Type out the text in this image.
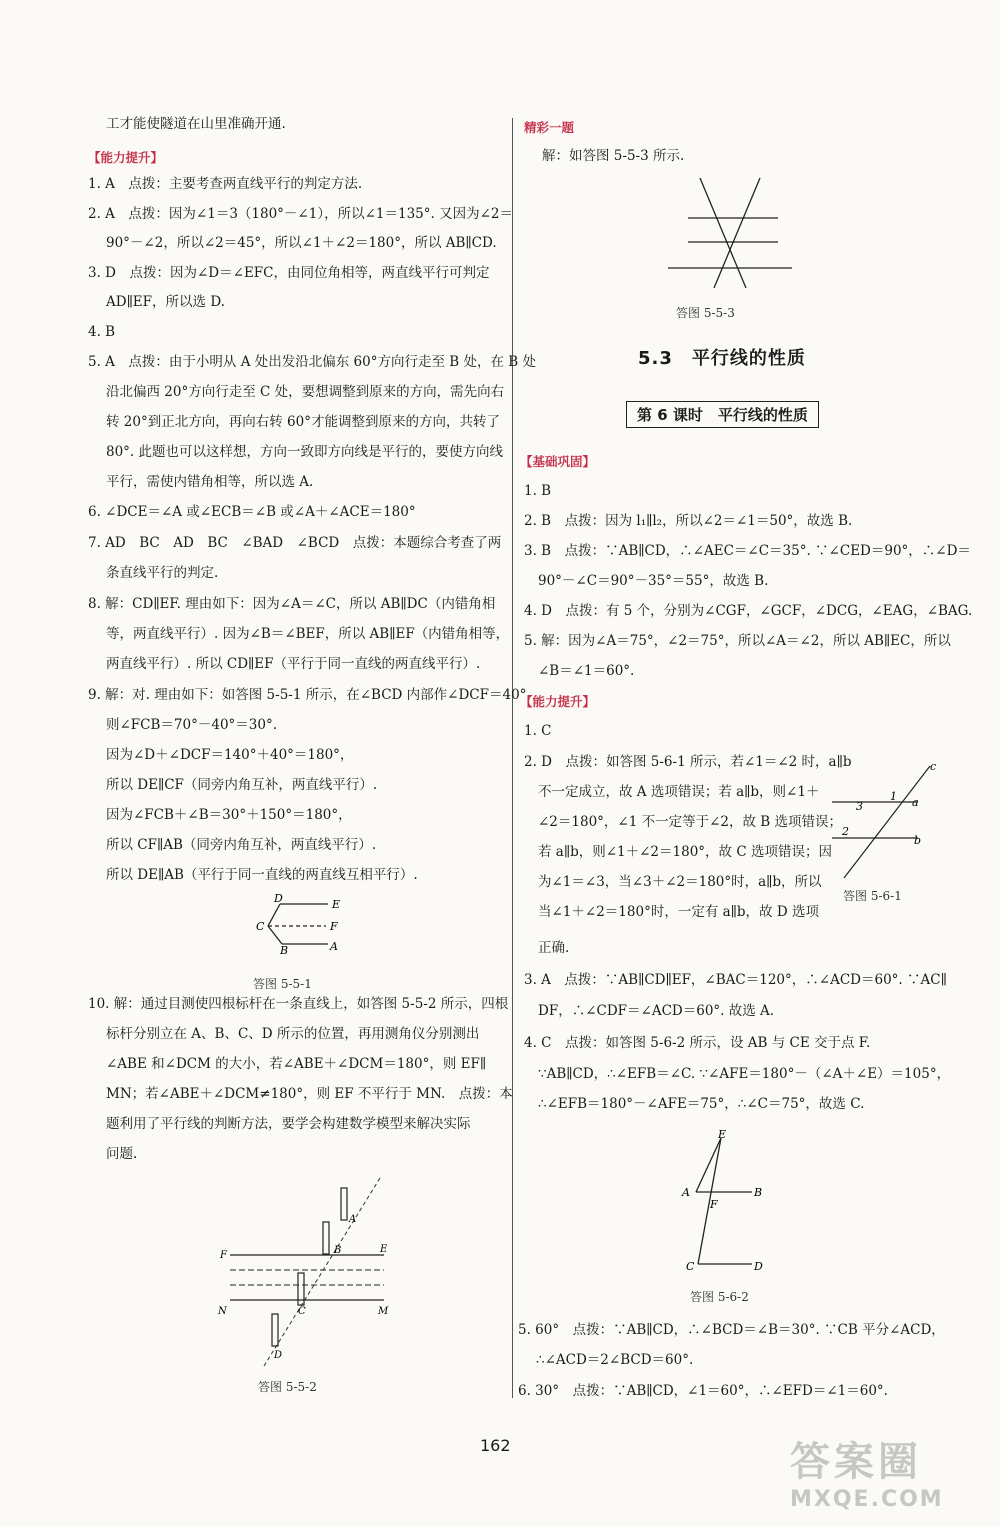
工才能使隧道在山里准确开通.
【能力提升】
1. A　点拨：主要考查两直线平行的判定方法.
2. A　点拨：因为∠1＝3（180°－∠1），所以∠1＝135°. 又因为∠2＝
90°－∠2，所以∠2＝45°，所以∠1＋∠2＝180°，所以 AB∥CD.
3. D　点拨：因为∠D＝∠EFC，由同位角相等，两直线平行可判定
AD∥EF，所以选 D.
4. B
5. A　点拨：由于小明从 A 处出发沿北偏东 60°方向行走至 B 处，在 B 处
沿北偏西 20°方向行走至 C 处，要想调整到原来的方向，需先向右
转 20°到正北方向，再向右转 60°才能调整到原来的方向，共转了
80°. 此题也可以这样想，方向一致即方向线是平行的，要使方向线
平行，需使内错角相等，所以选 A.
6. ∠DCE＝∠A 或∠ECB＝∠B 或∠A＋∠ACE＝180°
7. AD　BC　AD　BC　∠BAD　∠BCD　点拨：本题综合考查了两
条直线平行的判定.
8. 解：CD∥EF. 理由如下：因为∠A＝∠C，所以 AB∥DC（内错角相
等，两直线平行）. 因为∠B＝∠BEF，所以 AB∥EF（内错角相等，
两直线平行）. 所以 CD∥EF（平行于同一直线的两直线平行）.
9. 解：对. 理由如下：如答图 5-5-1 所示，在∠BCD 内部作∠DCF＝40°，
则∠FCB＝70°－40°＝30°.
因为∠D＋∠DCF＝140°＋40°＝180°，
所以 DE∥CF（同旁内角互补，两直线平行）.
因为∠FCB＋∠B＝30°＋150°＝180°，
所以 CF∥AB（同旁内角互补，两直线平行）.
所以 DE∥AB（平行于同一直线的两直线互相平行）.
答图 5-5-1
10. 解：通过目测使四根标杆在一条直线上，如答图 5-5-2 所示，四根
标杆分别立在 A、B、C、D 所示的位置，再用测角仪分别测出
∠ABE 和∠DCM 的大小，若∠ABE＋∠DCM＝180°，则 EF∥
MN；若∠ABE＋∠DCM≠180°，则 EF 不平行于 MN.　点拨：本
题利用了平行线的判断方法，要学会构建数学模型来解决实际
问题.
答图 5-5-2
D	E
C	F
B	A
A
B	E
F
C
N	M
D
精彩一题
解：如答图 5-5-3 所示.
答图 5-5-3
5.3　平行线的性质
第 6 课时　平行线的性质
【基础巩固】
1. B
2. B　点拨：因为 l₁∥l₂，所以∠2＝∠1＝50°，故选 B.
3. B　点拨：∵AB∥CD，∴∠AEC＝∠C＝35°. ∵∠CED＝90°，∴∠D＝
90°－∠C＝90°－35°＝55°，故选 B.
4. D　点拨：有 5 个，分别为∠CGF，∠GCF，∠DCG，∠EAG，∠BAG.
5. 解：因为∠A＝75°，∠2＝75°，所以∠A＝∠2，所以 AB∥EC，所以
∠B＝∠1＝60°.
【能力提升】
1. C
2. D　点拨：如答图 5-6-1 所示，若∠1＝∠2 时，a∥b
不一定成立，故 A 选项错误；若 a∥b，则∠1＋
∠2＝180°，∠1 不一定等于∠2，故 B 选项错误；
若 a∥b，则∠1＋∠2＝180°，故 C 选项错误；因
为∠1＝∠3，当∠3＋∠2＝180°时，a∥b，所以
当∠1＋∠2＝180°时，一定有 a∥b，故 D 选项
正确.
答图 5-6-1
3. A　点拨：∵AB∥CD∥EF，∠BAC＝120°，∴∠ACD＝60°. ∵AC∥
DF，∴∠CDF＝∠ACD＝60°. 故选 A.
4. C　点拨：如答图 5-6-2 所示，设 AB 与 CE 交于点 F.
∵AB∥CD，∴∠EFB＝∠C. ∵∠AFE＝180°－（∠A＋∠E）＝105°，
∴∠EFB＝180°－∠AFE＝75°，∴∠C＝75°，故选 C.
答图 5-6-2
5. 60°　点拨：∵AB∥CD，∴∠BCD＝∠B＝30°. ∵CB 平分∠ACD，
∴∠ACD＝2∠BCD＝60°.
6. 30°　点拨：∵AB∥CD，∠1＝60°，∴∠EFD＝∠1＝60°.
c
1 a
3
2
b
E
A	B
F
C	D
162	答案圈
MXQE.COM
